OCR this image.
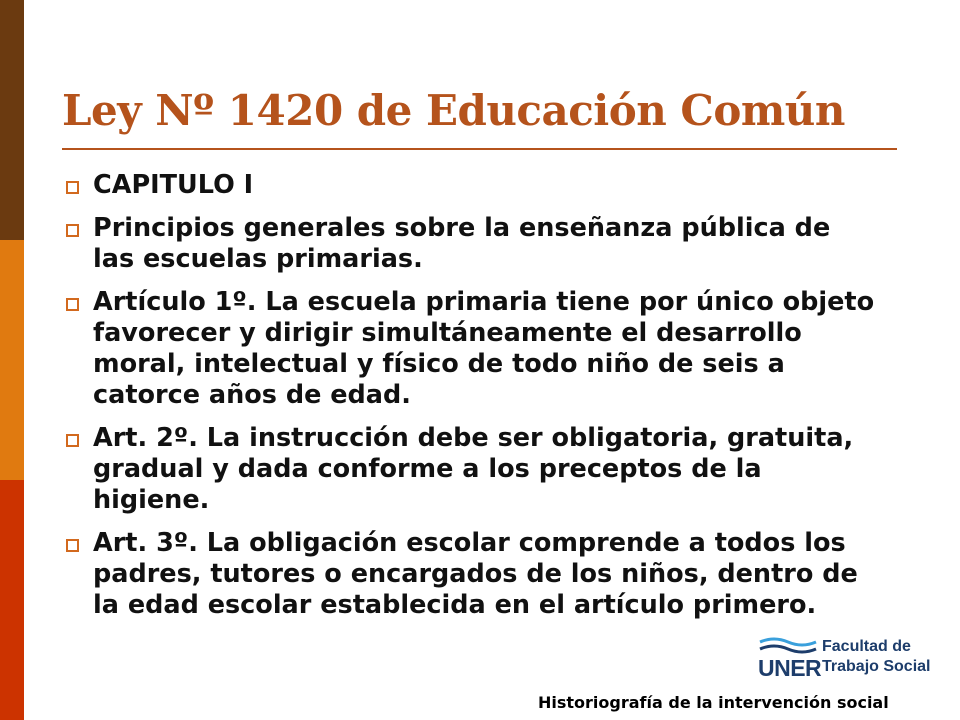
Ley Nº 1420 de Educación Común
CAPITULO I
Principios generales sobre la enseñanza pública de las escuelas primarias.
Artículo 1º. La escuela primaria tiene por único objeto favorecer y dirigir simultáneamente el desarrollo moral, intelectual y físico de todo niño de seis a catorce años de edad.
Art. 2º. La instrucción debe ser obligatoria, gratuita, gradual y dada conforme a los preceptos de la higiene.
Art. 3º. La obligación escolar comprende a todos los padres, tutores o encargados de los niños, dentro de la edad escolar establecida en el artículo primero.
UNER
Facultad de
Trabajo Social
Historiografía de la intervención social
